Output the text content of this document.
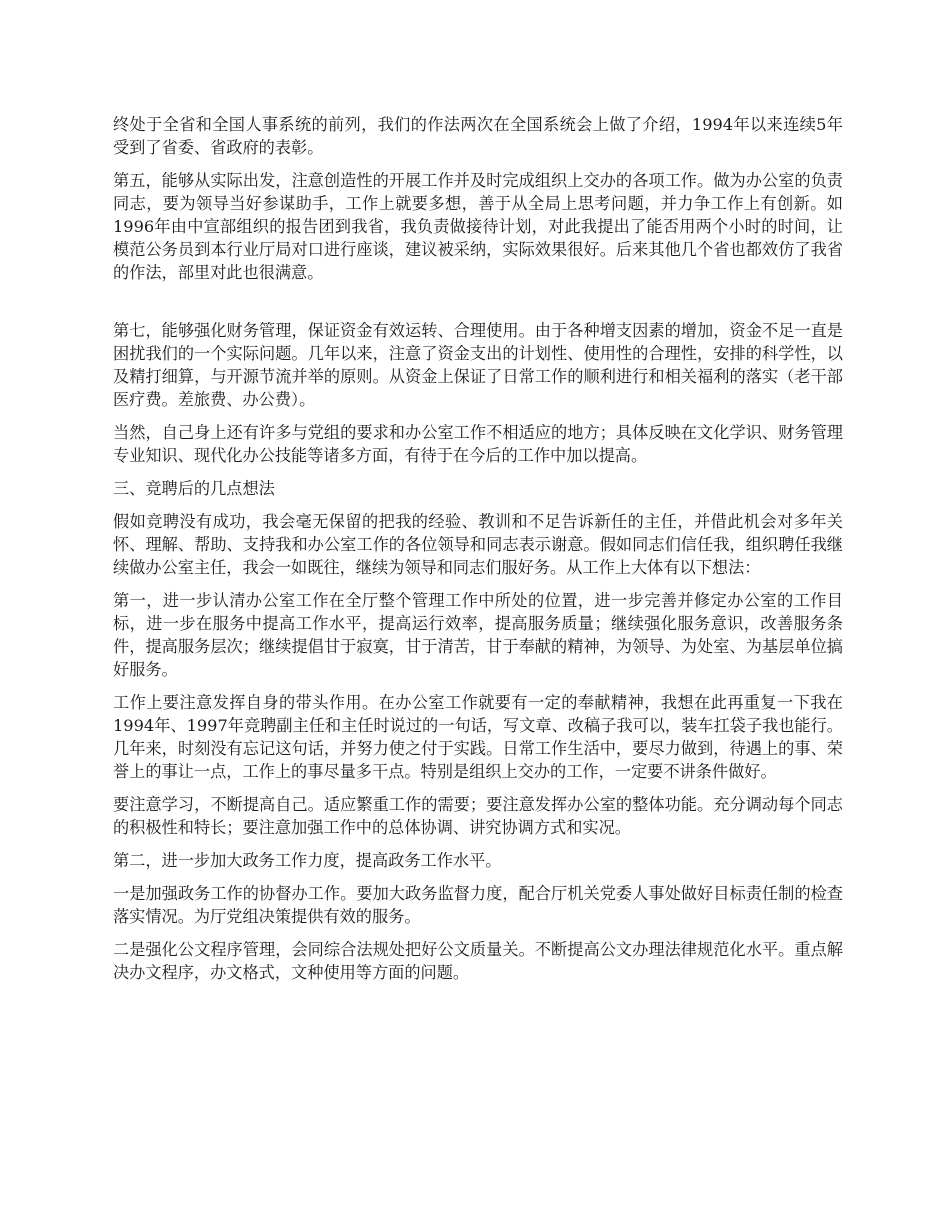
终处于全省和全国人事系统的前列，我们的作法两次在全国系统会上做了介绍，1994年以来连续5年受到了省委、省政府的表彰。

第五，能够从实际出发，注意创造性的开展工作并及时完成组织上交办的各项工作。做为办公室的负责同志，要为领导当好参谋助手，工作上就要多想，善于从全局上思考问题，并力争工作上有创新。如1996年由中宣部组织的报告团到我省，我负责做接待计划，对此我提出了能否用两个小时的时间，让模范公务员到本行业厅局对口进行座谈，建议被采纳，实际效果很好。后来其他几个省也都效仿了我省的作法，部里对此也很满意。

第七，能够强化财务管理，保证资金有效运转、合理使用。由于各种增支因素的增加，资金不足一直是困扰我们的一个实际问题。几年以来，注意了资金支出的计划性、使用性的合理性，安排的科学性，以及精打细算，与开源节流并举的原则。从资金上保证了日常工作的顺利进行和相关福利的落实（老干部医疗费。差旅费、办公费）。

当然，自己身上还有许多与党组的要求和办公室工作不相适应的地方；具体反映在文化学识、财务管理专业知识、现代化办公技能等诸多方面，有待于在今后的工作中加以提高。

三、竞聘后的几点想法

假如竞聘没有成功，我会毫无保留的把我的经验、教训和不足告诉新任的主任，并借此机会对多年关怀、理解、帮助、支持我和办公室工作的各位领导和同志表示谢意。假如同志们信任我，组织聘任我继续做办公室主任，我会一如既往，继续为领导和同志们服好务。从工作上大体有以下想法：

第一，进一步认清办公室工作在全厅整个管理工作中所处的位置，进一步完善并修定办公室的工作目标，进一步在服务中提高工作水平，提高运行效率，提高服务质量；继续强化服务意识，改善服务条件，提高服务层次；继续提倡甘于寂寞，甘于清苦，甘于奉献的精神，为领导、为处室、为基层单位搞好服务。

工作上要注意发挥自身的带头作用。在办公室工作就要有一定的奉献精神，我想在此再重复一下我在1994年、1997年竞聘副主任和主任时说过的一句话，写文章、改稿子我可以，装车扛袋子我也能行。几年来，时刻没有忘记这句话，并努力使之付于实践。日常工作生活中，要尽力做到，待遇上的事、荣誉上的事让一点，工作上的事尽量多干点。特别是组织上交办的工作，一定要不讲条件做好。

要注意学习，不断提高自己。适应繁重工作的需要；要注意发挥办公室的整体功能。充分调动每个同志的积极性和特长；要注意加强工作中的总体协调、讲究协调方式和实况。

第二，进一步加大政务工作力度，提高政务工作水平。

一是加强政务工作的协督办工作。要加大政务监督力度，配合厅机关党委人事处做好目标责任制的检查落实情况。为厅党组决策提供有效的服务。

二是强化公文程序管理，会同综合法规处把好公文质量关。不断提高公文办理法律规范化水平。重点解决办文程序，办文格式，文种使用等方面的问题。
